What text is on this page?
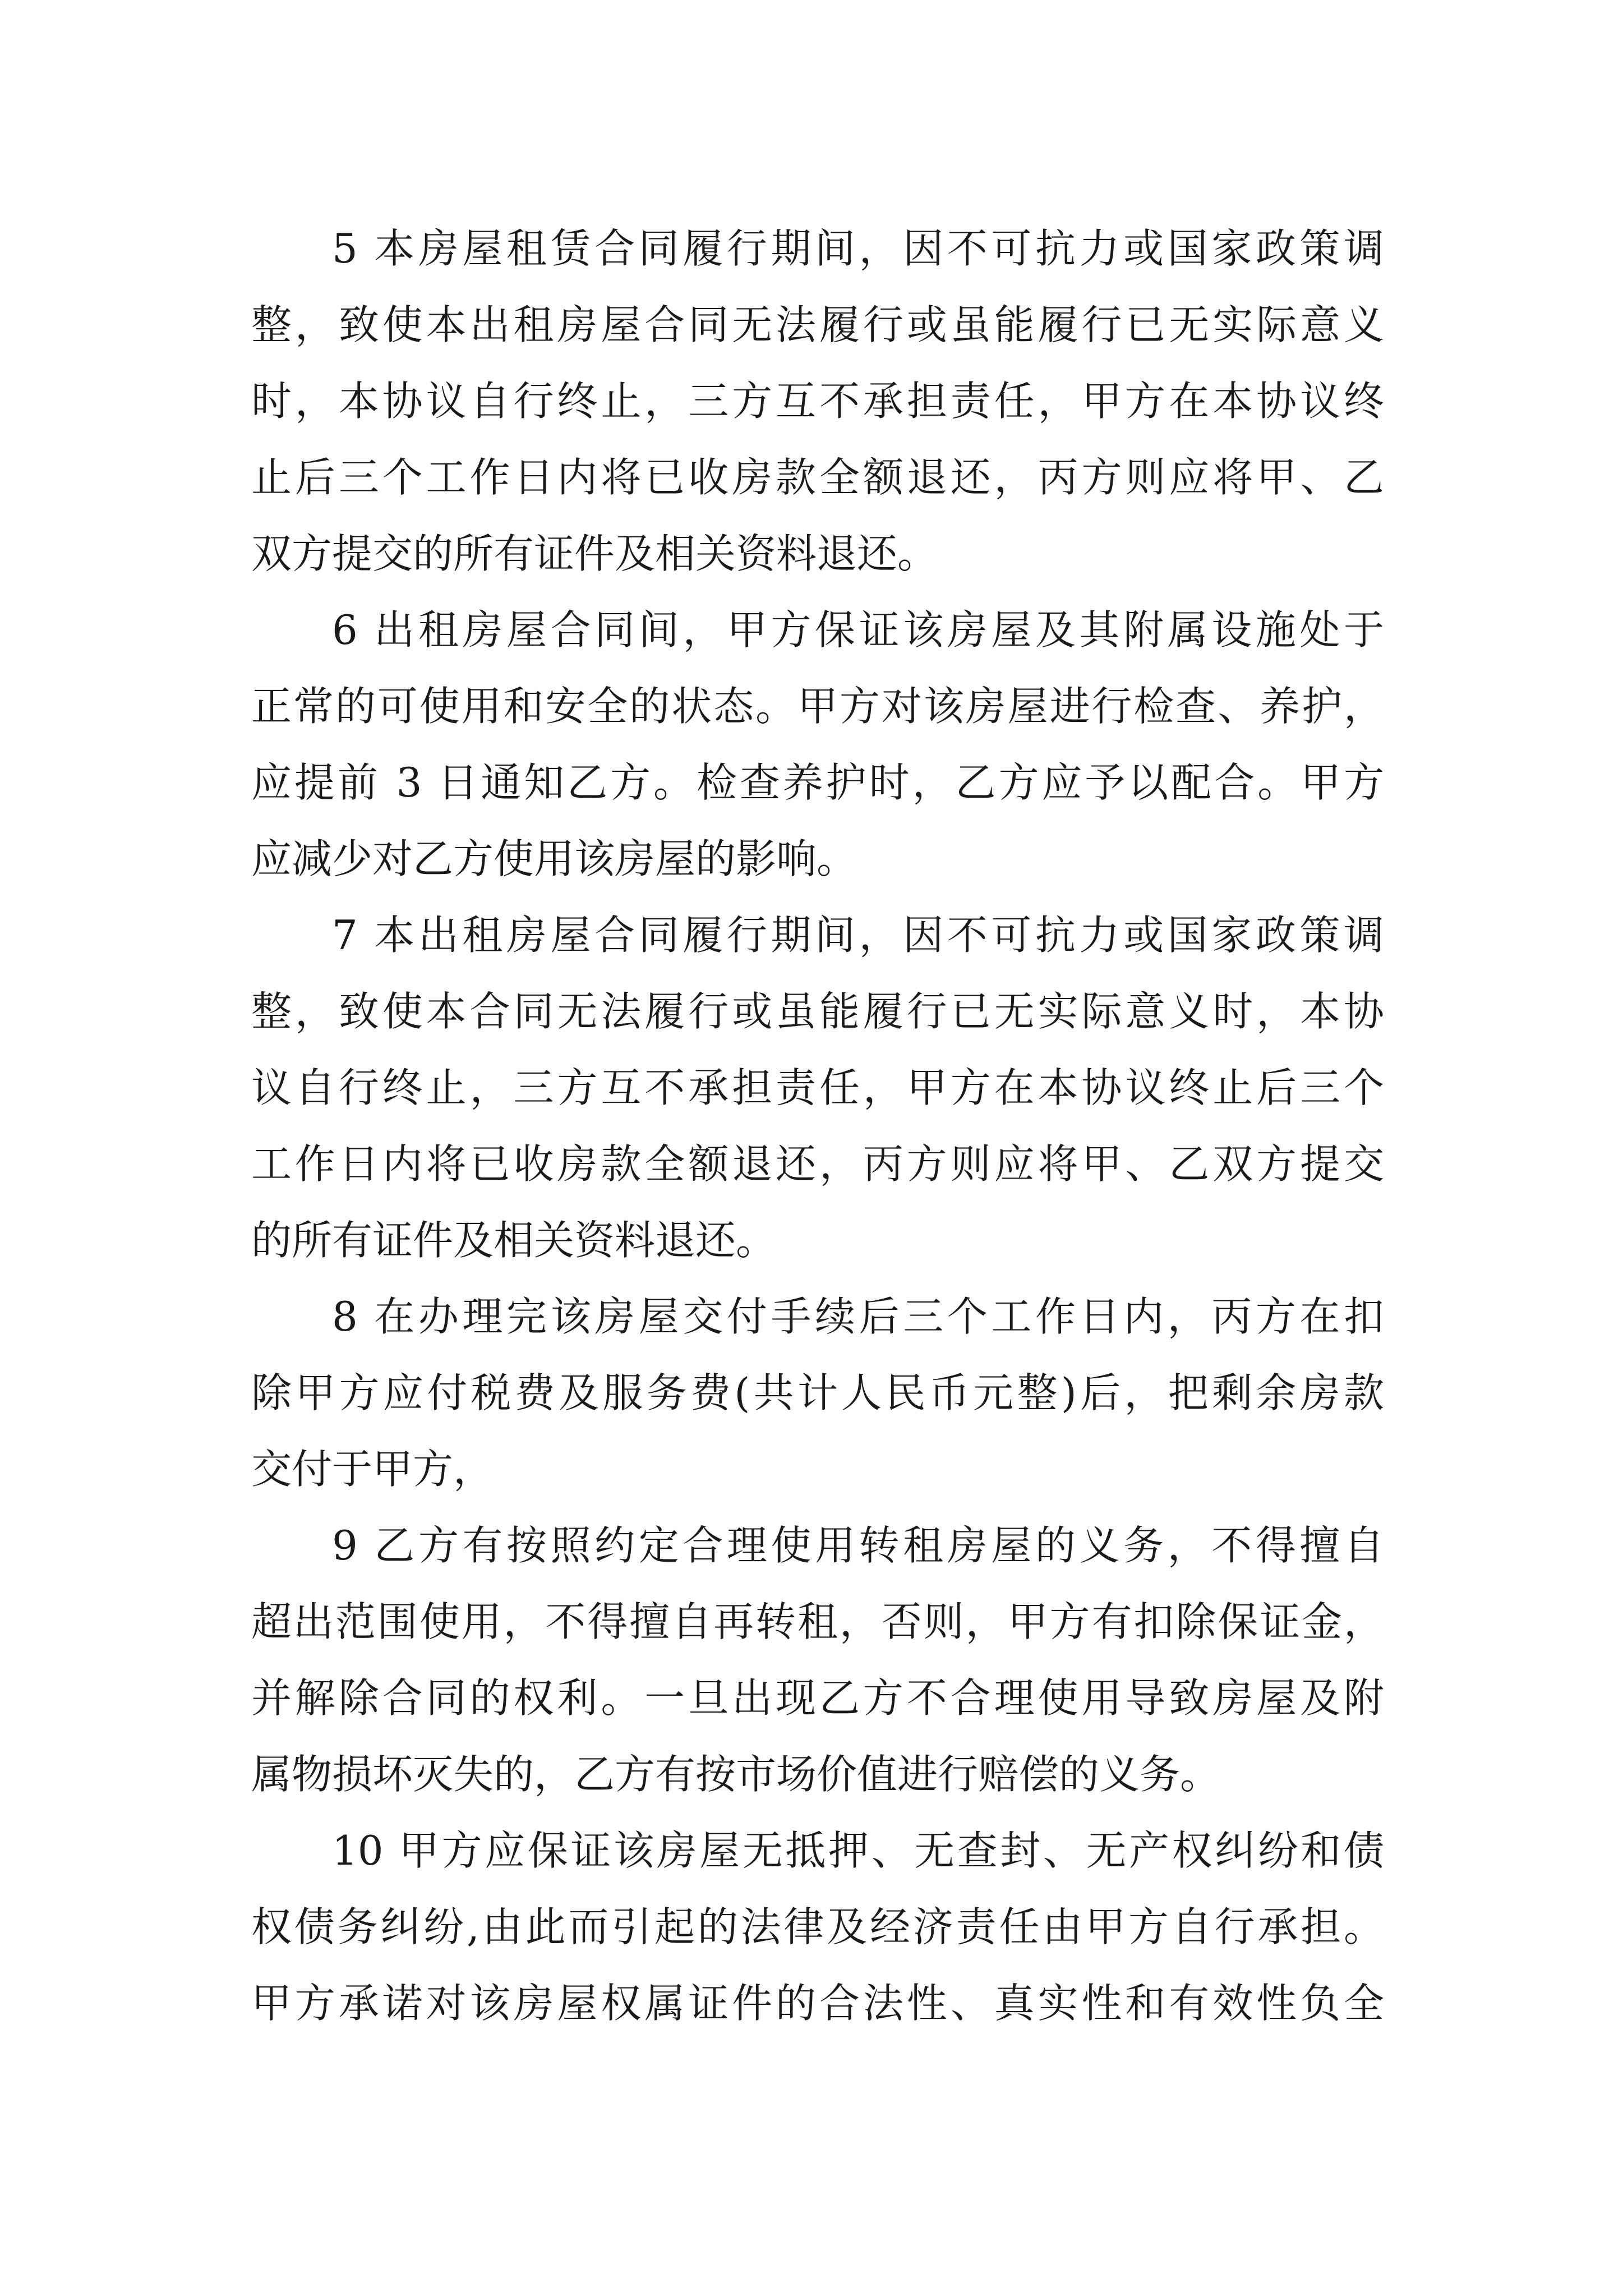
5 本房屋租赁合同履行期间，因不可抗力或国家政策调
整，致使本出租房屋合同无法履行或虽能履行已无实际意义
时，本协议自行终止，三方互不承担责任，甲方在本协议终
止后三个工作日内将已收房款全额退还，丙方则应将甲、乙
双方提交的所有证件及相关资料退还。
6 出租房屋合同间，甲方保证该房屋及其附属设施处于
正常的可使用和安全的状态。甲方对该房屋进行检查、养护，
应提前 3 日通知乙方。检查养护时，乙方应予以配合。甲方
应减少对乙方使用该房屋的影响。
7 本出租房屋合同履行期间，因不可抗力或国家政策调
整，致使本合同无法履行或虽能履行已无实际意义时，本协
议自行终止，三方互不承担责任，甲方在本协议终止后三个
工作日内将已收房款全额退还，丙方则应将甲、乙双方提交
的所有证件及相关资料退还。
8 在办理完该房屋交付手续后三个工作日内，丙方在扣
除甲方应付税费及服务费(共计人民币元整)后，把剩余房款
交付于甲方，
9 乙方有按照约定合理使用转租房屋的义务，不得擅自
超出范围使用，不得擅自再转租，否则，甲方有扣除保证金，
并解除合同的权利。一旦出现乙方不合理使用导致房屋及附
属物损坏灭失的，乙方有按市场价值进行赔偿的义务。
10 甲方应保证该房屋无抵押、无查封、无产权纠纷和债
权债务纠纷,由此而引起的法律及经济责任由甲方自行承担。
甲方承诺对该房屋权属证件的合法性、真实性和有效性负全
